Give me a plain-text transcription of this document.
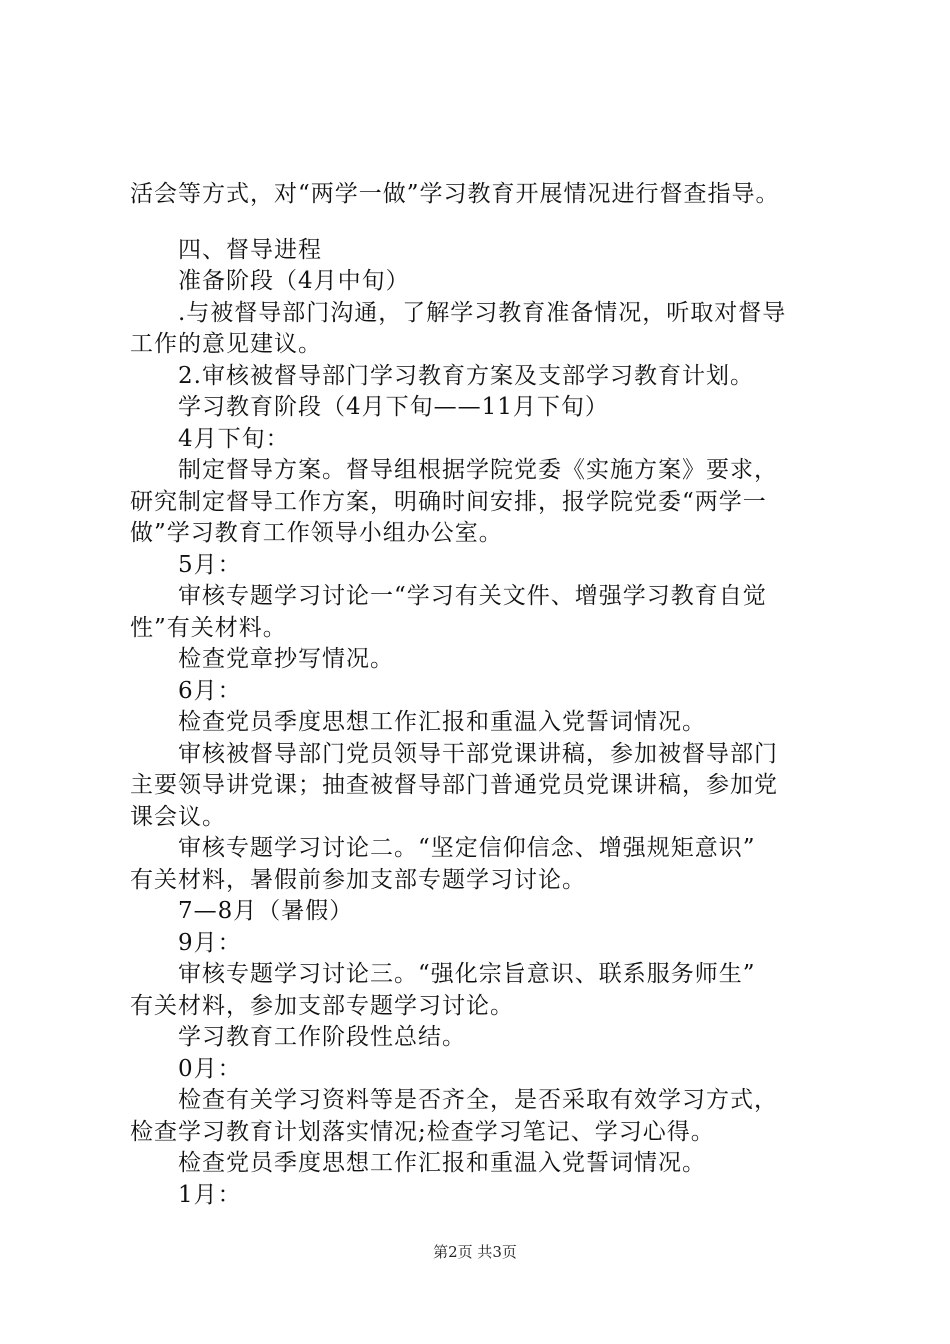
活会等方式，对“两学一做”学习教育开展情况进行督查指导。
四、督导进程
准备阶段（4月中旬）
.与被督导部门沟通，了解学习教育准备情况，听取对督导
工作的意见建议。
2.审核被督导部门学习教育方案及支部学习教育计划。
学习教育阶段（4月下旬——11月下旬）
4月下旬：
制定督导方案。督导组根据学院党委《实施方案》要求，
研究制定督导工作方案，明确时间安排，报学院党委“两学一
做”学习教育工作领导小组办公室。
5月：
审核专题学习讨论一“学习有关文件、增强学习教育自觉
性”有关材料。
检查党章抄写情况。
6月：
检查党员季度思想工作汇报和重温入党誓词情况。
审核被督导部门党员领导干部党课讲稿，参加被督导部门
主要领导讲党课；抽查被督导部门普通党员党课讲稿，参加党
课会议。
审核专题学习讨论二。“坚定信仰信念、增强规矩意识”
有关材料，暑假前参加支部专题学习讨论。
7—8月（暑假）
9月：
审核专题学习讨论三。“强化宗旨意识、联系服务师生”
有关材料，参加支部专题学习讨论。
学习教育工作阶段性总结。
0月：
检查有关学习资料等是否齐全，是否采取有效学习方式，
检查学习教育计划落实情况;检查学习笔记、学习心得。
检查党员季度思想工作汇报和重温入党誓词情况。
1月：
第2页 共3页
